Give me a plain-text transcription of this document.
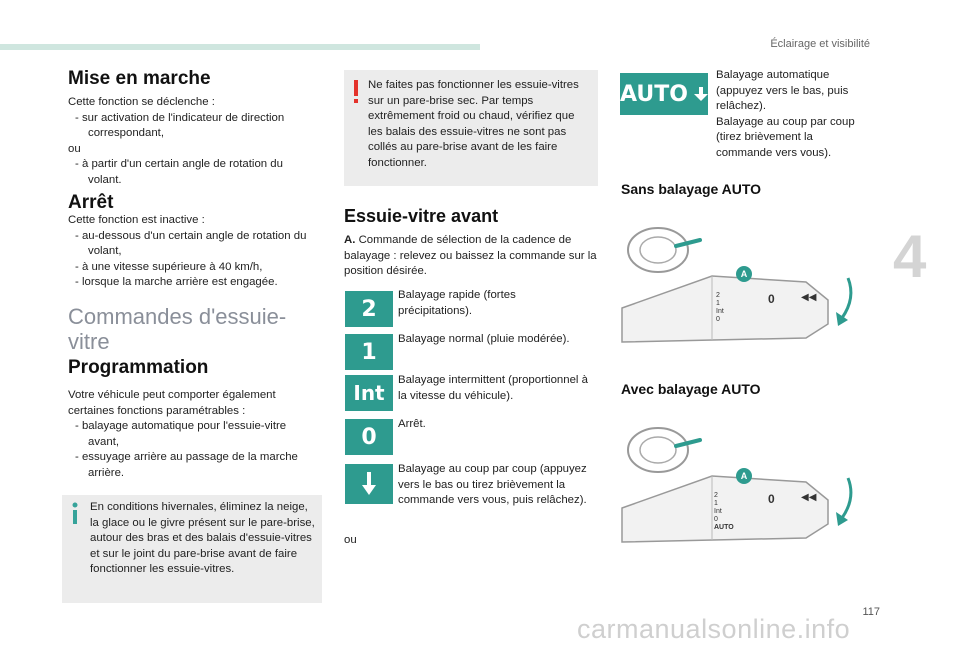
Éclairage et visibilité
4
Mise en marche
Cette fonction se déclenche :
- sur activation de l'indicateur de direction correspondant,
ou
- à partir d'un certain angle de rotation du volant.
Arrêt
Cette fonction est inactive :
- au-dessous d'un certain angle de rotation du volant,
- à une vitesse supérieure à 40 km/h,
- lorsque la marche arrière est engagée.
Commandes d'essuie-
vitre
Programmation
Votre véhicule peut comporter également certaines fonctions paramétrables :
- balayage automatique pour l'essuie-vitre avant,
- essuyage arrière au passage de la marche arrière.
En conditions hivernales, éliminez la neige, la glace ou le givre présent sur le pare-brise, autour des bras et des balais d'essuie-vitres et sur le joint du pare-brise avant de faire fonctionner les essuie-vitres.
Ne faites pas fonctionner les essuie-vitres sur un pare-brise sec. Par temps extrêmement froid ou chaud, vérifiez que les balais des essuie-vitres ne sont pas collés au pare-brise avant de les faire fonctionner.
Essuie-vitre avant
A. Commande de sélection de la cadence de balayage : relevez ou baissez la commande sur la position désirée.
2
Balayage rapide (fortes précipitations).
1
Balayage normal (pluie modérée).
Int
Balayage intermittent (proportionnel à la vitesse du véhicule).
0
Arrêt.
Balayage au coup par coup (appuyez vers le bas ou tirez brièvement la commande vers vous, puis relâchez).
ou
AUTO
Balayage automatique (appuyez vers le bas, puis relâchez).
Balayage au coup par coup (tirez brièvement la commande vers vous).
Sans balayage AUTO
Avec balayage AUTO
A
2
1
Int
0
0	◀◀
A
2
1
Int
0
AUTO
0	◀◀
117
carmanualsonline.info
